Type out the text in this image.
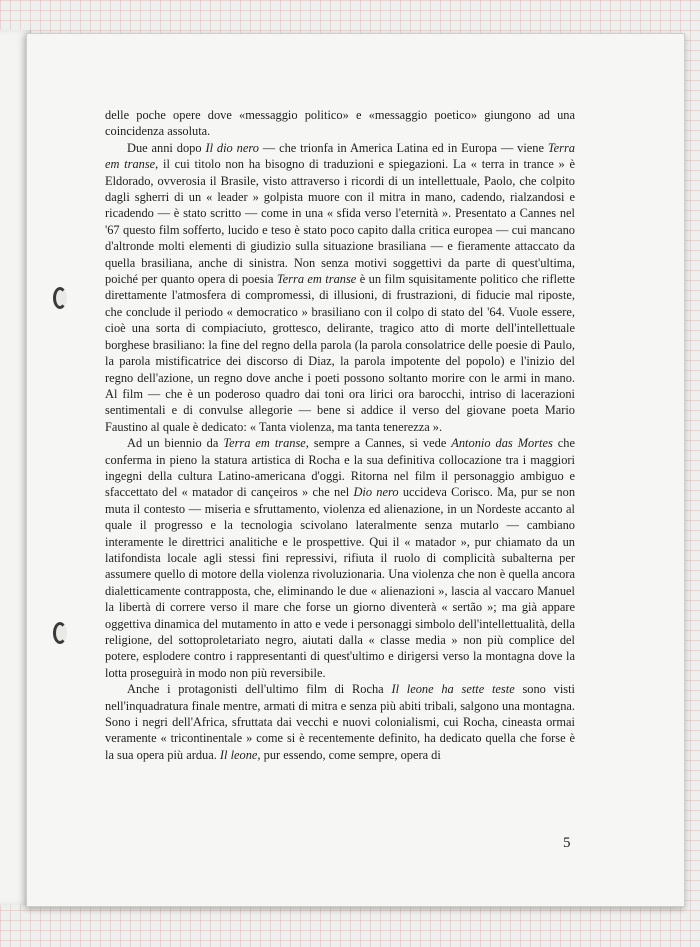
delle poche opere dove «messaggio politico» e «messaggio poetico» giungono ad una coincidenza assoluta.

Due anni dopo Il dio nero — che trionfa in America Latina ed in Europa — viene Terra em transe, il cui titolo non ha bisogno di traduzioni e spiegazioni. La « terra in trance » è Eldorado, ovverosia il Brasile, visto attraverso i ricordi di un intellettuale, Paolo, che colpito dagli sgherri di un « leader » golpista muore con il mitra in mano, cadendo, rialzandosi e ricadendo — è stato scritto — come in una « sfida verso l'eternità ». Presentato a Cannes nel '67 questo film sofferto, lucido e teso è stato poco capito dalla critica europea — cui mancano d'altronde molti elementi di giudizio sulla situazione brasiliana — e fieramente attaccato da quella brasiliana, anche di sinistra. Non senza motivi soggettivi da parte di quest'ultima, poiché per quanto opera di poesia Terra em transe è un film squisitamente politico che riflette direttamente l'atmosfera di compromessi, di illusioni, di frustrazioni, di fiducie mal riposte, che conclude il periodo « democratico » brasiliano con il colpo di stato del '64. Vuole essere, cioè una sorta di compiaciuto, grottesco, delirante, tragico atto di morte dell'intellettuale borghese brasiliano: la fine del regno della parola (la parola consolatrice delle poesie di Paulo, la parola mistificatrice dei discorso di Diaz, la parola impotente del popolo) e l'inizio del regno dell'azione, un regno dove anche i poeti possono soltanto morire con le armi in mano. Al film — che è un poderoso quadro dai toni ora lirici ora barocchi, intriso di lacerazioni sentimentali e di convulse allegorie — bene si addice il verso del giovane poeta Mario Faustino al quale è dedicato: « Tanta violenza, ma tanta tenerezza ».

Ad un biennio da Terra em transe, sempre a Cannes, si vede Antonio das Mortes che conferma in pieno la statura artistica di Rocha e la sua definitiva collocazione tra i maggiori ingegni della cultura Latino-americana d'oggi. Ritorna nel film il personaggio ambiguo e sfaccettato del « matador di cançeiros » che nel Dio nero uccideva Corisco. Ma, pur se non muta il contesto — miseria e sfruttamento, violenza ed alienazione, in un Nordeste accanto al quale il progresso e la tecnologia scivolano lateralmente senza mutarlo — cambiano interamente le direttrici analitiche e le prospettive. Qui il « matador », pur chiamato da un latifondista locale agli stessi fini repressivi, rifiuta il ruolo di complicità subalterna per assumere quello di motore della violenza rivoluzionaria. Una violenza che non è quella ancora dialetticamente contrapposta, che, eliminando le due « alienazioni », lascia al vaccaro Manuel la libertà di correre verso il mare che forse un giorno diventerà « sertão »; ma già appare oggettiva dinamica del mutamento in atto e vede i personaggi simbolo dell'intellettualità, della religione, del sottoproletariato negro, aiutati dalla « classe media » non più complice del potere, esplodere contro i rappresentanti di quest'ultimo e dirigersi verso la montagna dove la lotta proseguirà in modo non più reversibile.

Anche i protagonisti dell'ultimo film di Rocha Il leone ha sette teste sono visti nell'inquadratura finale mentre, armati di mitra e senza più abiti tribali, salgono una montagna. Sono i negri dell'Africa, sfruttata dai vecchi e nuovi colonialismi, cui Rocha, cineasta ormai veramente « tricontinentale » come si è recentemente definito, ha dedicato quella che forse è la sua opera più ardua. Il leone, pur essendo, come sempre, opera di

5
